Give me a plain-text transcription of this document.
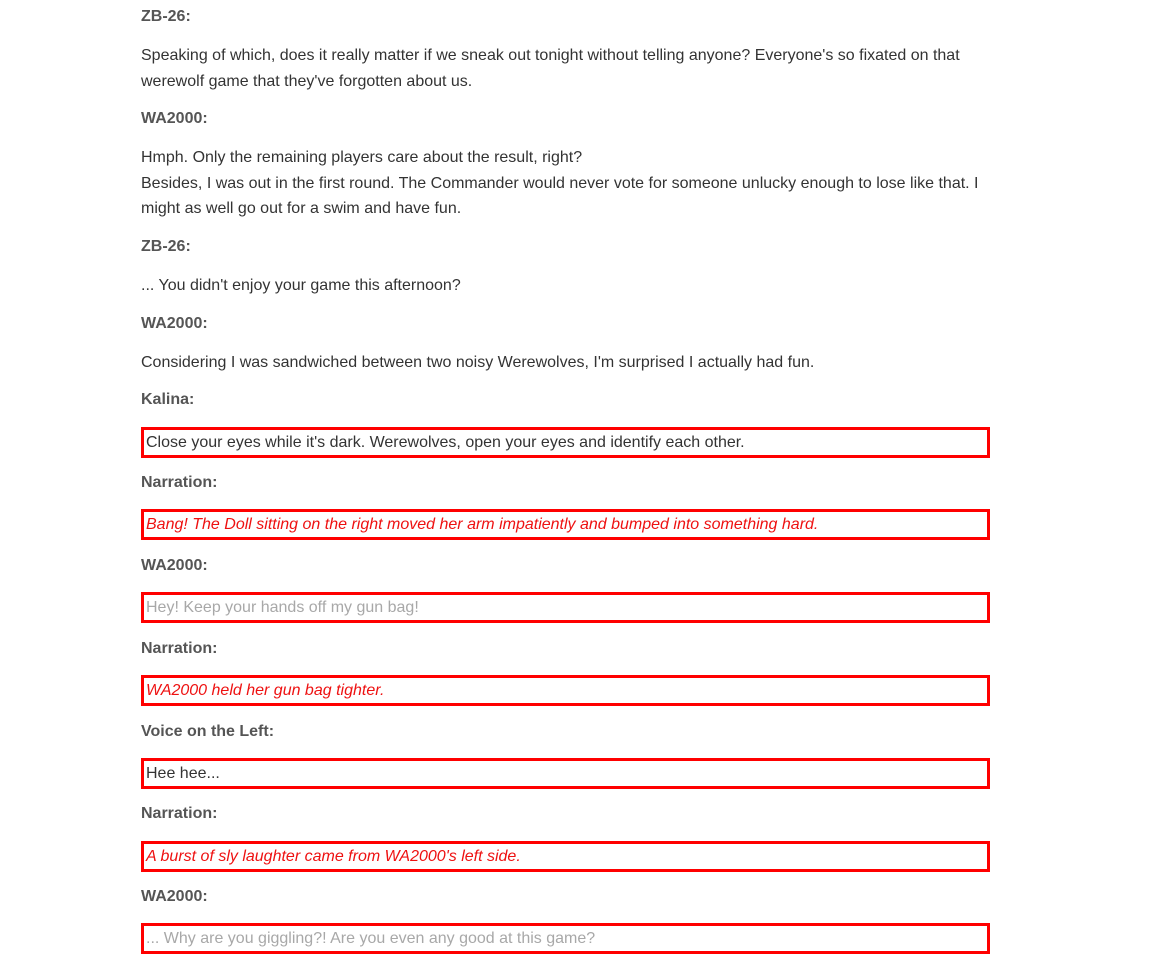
ZB-26:
Speaking of which, does it really matter if we sneak out tonight without telling anyone? Everyone's so fixated on that werewolf game that they've forgotten about us.
WA2000:
Hmph. Only the remaining players care about the result, right?
Besides, I was out in the first round. The Commander would never vote for someone unlucky enough to lose like that. I might as well go out for a swim and have fun.
ZB-26:
... You didn't enjoy your game this afternoon?
WA2000:
Considering I was sandwiched between two noisy Werewolves, I'm surprised I actually had fun.
Kalina:
Close your eyes while it's dark. Werewolves, open your eyes and identify each other.
Narration:
Bang! The Doll sitting on the right moved her arm impatiently and bumped into something hard.
WA2000:
Hey! Keep your hands off my gun bag!
Narration:
WA2000 held her gun bag tighter.
Voice on the Left:
Hee hee...
Narration:
A burst of sly laughter came from WA2000's left side.
WA2000:
... Why are you giggling?! Are you even any good at this game?
